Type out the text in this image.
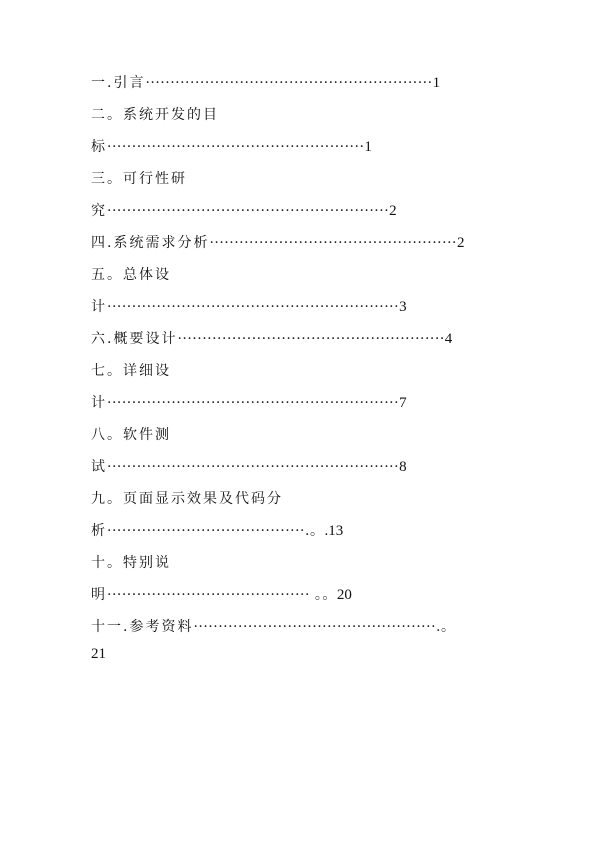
一.引言··························································1
二。系统开发的目
标····················································1
三。可行性研
究·························································2
四.系统需求分析··················································2
五。总体设
计···························································3
六.概要设计······················································4
七。详细设
计···························································7
八。软件测
试···························································8
九。页面显示效果及代码分
析········································.。.13
十。特别说
明········································· 。。20
十一.参考资料·················································.。
21
